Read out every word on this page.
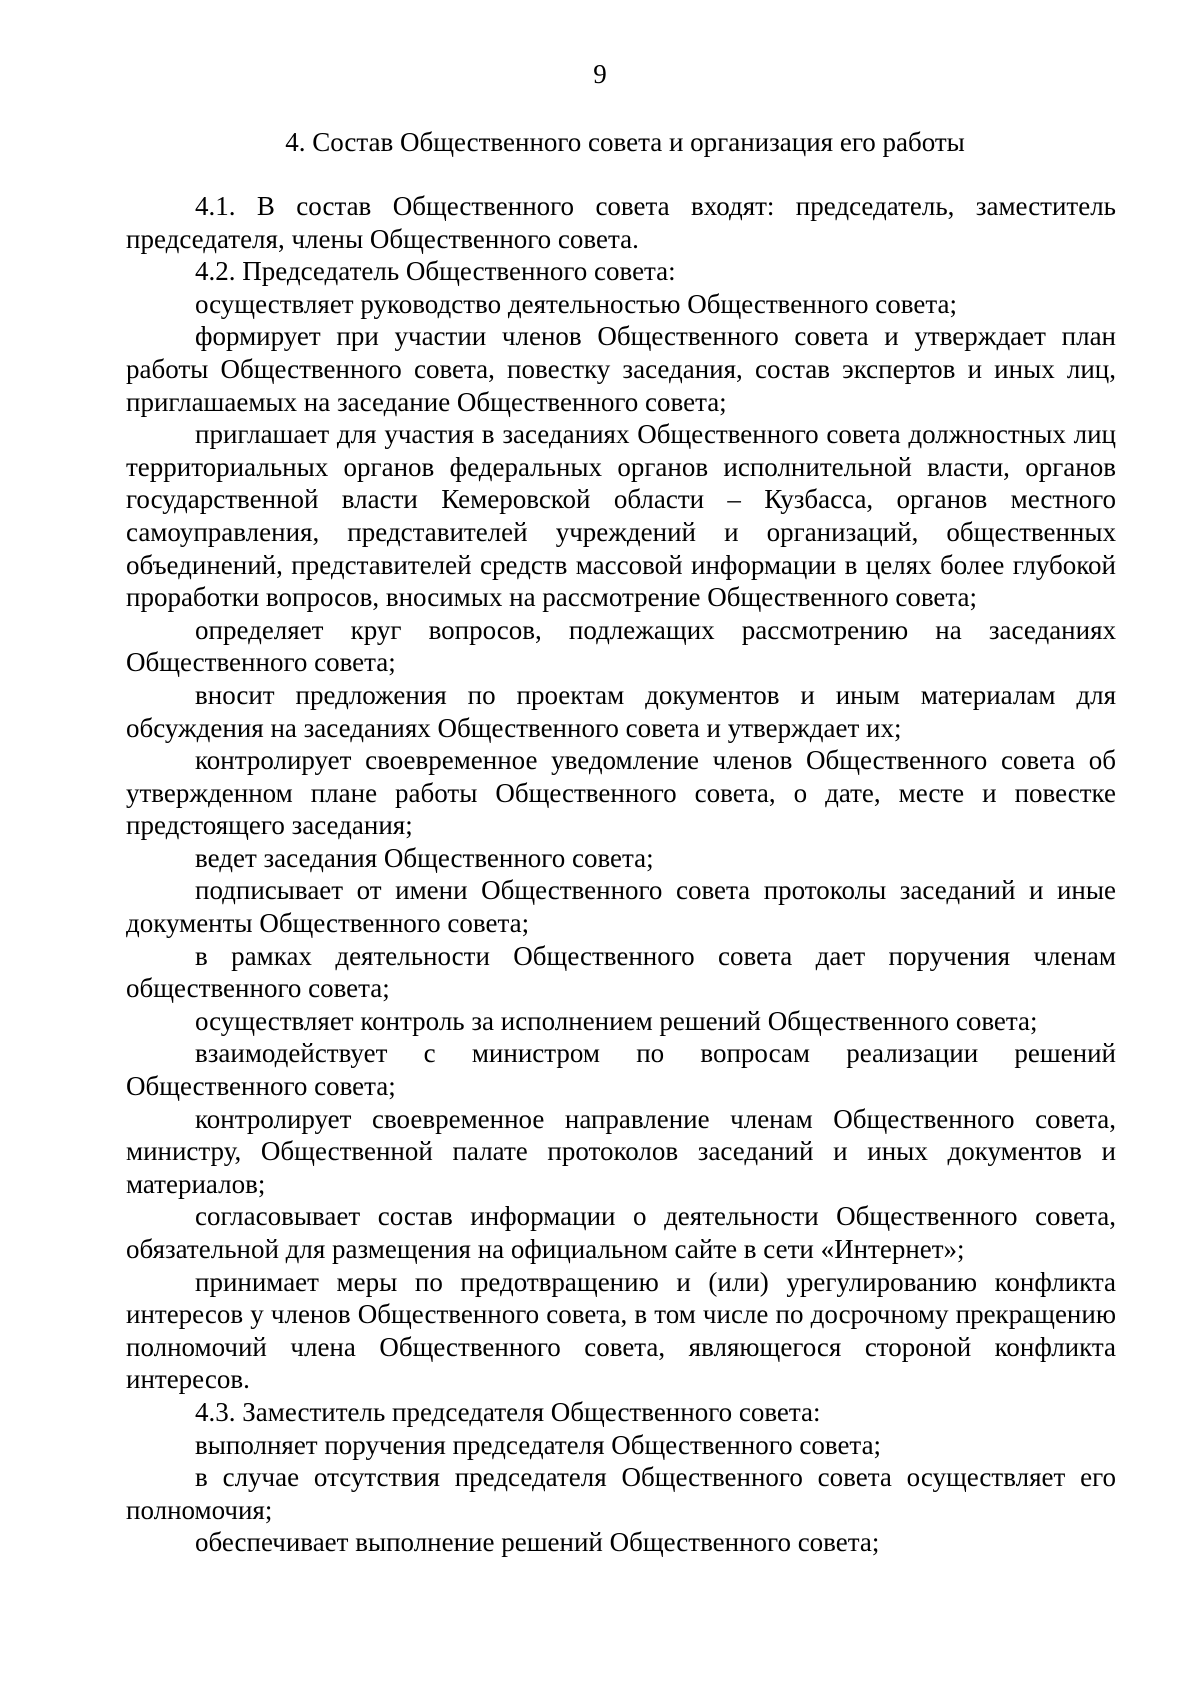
9
4. Состав Общественного совета и организация его работы

4.1. В состав Общественного совета входят: председатель, заместитель председателя, члены Общественного совета.

4.2. Председатель Общественного совета:

осуществляет руководство деятельностью Общественного совета;

формирует при участии членов Общественного совета и утверждает план работы Общественного совета, повестку заседания, состав экспертов и иных лиц, приглашаемых на заседание Общественного совета;

приглашает для участия в заседаниях Общественного совета должностных лиц территориальных органов федеральных органов исполнительной власти, органов государственной власти Кемеровской области – Кузбасса, органов местного самоуправления, представителей учреждений и организаций, общественных объединений, представителей средств массовой информации в целях более глубокой проработки вопросов, вносимых на рассмотрение Общественного совета;

определяет круг вопросов, подлежащих рассмотрению на заседаниях Общественного совета;

вносит предложения по проектам документов и иным материалам для обсуждения на заседаниях Общественного совета и утверждает их;

контролирует своевременное уведомление членов Общественного совета об утвержденном плане работы Общественного совета, о дате, месте и повестке предстоящего заседания;

ведет заседания Общественного совета;

подписывает от имени Общественного совета протоколы заседаний и иные документы Общественного совета;

в рамках деятельности Общественного совета дает поручения членам общественного совета;

осуществляет контроль за исполнением решений Общественного совета;

взаимодействует с министром по вопросам реализации решений Общественного совета;

контролирует своевременное направление членам Общественного совета, министру, Общественной палате протоколов заседаний и иных документов и материалов;

согласовывает состав информации о деятельности Общественного совета, обязательной для размещения на официальном сайте в сети «Интернет»;

принимает меры по предотвращению и (или) урегулированию конфликта интересов у членов Общественного совета, в том числе по досрочному прекращению полномочий члена Общественного совета, являющегося стороной конфликта интересов.

4.3. Заместитель председателя Общественного совета:

выполняет поручения председателя Общественного совета;

в случае отсутствия председателя Общественного совета осуществляет его полномочия;

обеспечивает выполнение решений Общественного совета;
